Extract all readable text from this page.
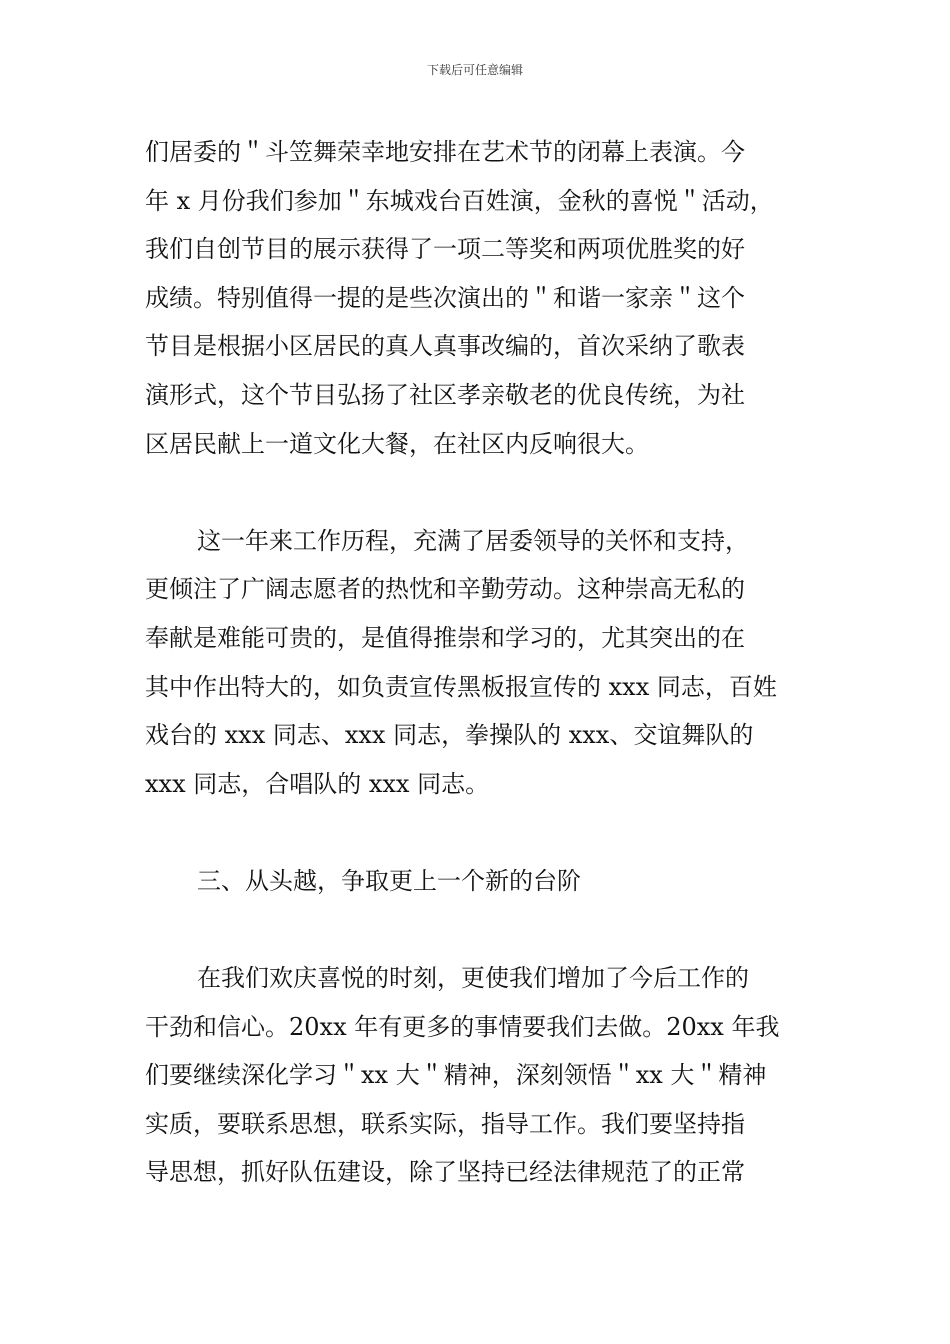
下载后可任意编辑
们居委的＂斗笠舞荣幸地安排在艺术节的闭幕上表演。今
年 x 月份我们参加＂东城戏台百姓演，金秋的喜悦＂活动，
我们自创节目的展示获得了一项二等奖和两项优胜奖的好
成绩。特别值得一提的是些次演出的＂和谐一家亲＂这个
节目是根据小区居民的真人真事改编的，首次采纳了歌表
演形式，这个节目弘扬了社区孝亲敬老的优良传统，为社
区居民献上一道文化大餐，在社区内反响很大。
这一年来工作历程，充满了居委领导的关怀和支持，
更倾注了广阔志愿者的热忱和辛勤劳动。这种崇高无私的
奉献是难能可贵的，是值得推崇和学习的，尤其突出的在
其中作出特大的，如负责宣传黑板报宣传的 xxx 同志，百姓
戏台的 xxx 同志、xxx 同志，拳操队的 xxx、交谊舞队的
xxx 同志，合唱队的 xxx 同志。
三、从头越，争取更上一个新的台阶
在我们欢庆喜悦的时刻，更使我们增加了今后工作的
干劲和信心。20xx 年有更多的事情要我们去做。20xx 年我
们要继续深化学习＂xx 大＂精神，深刻领悟＂xx 大＂精神
实质，要联系思想，联系实际，指导工作。我们要坚持指
导思想，抓好队伍建设，除了坚持已经法律规范了的正常
